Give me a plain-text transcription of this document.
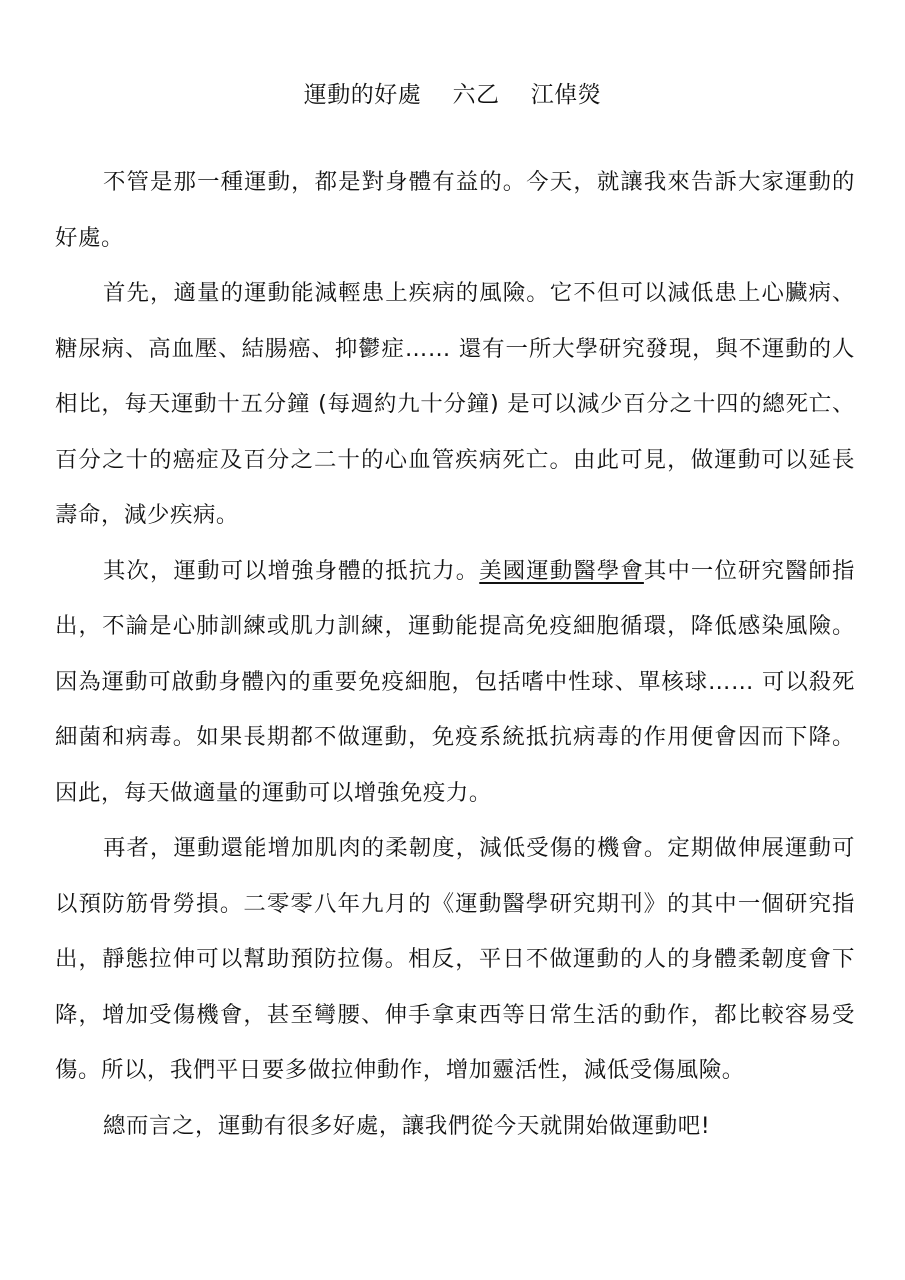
運動的好處　 六乙　 江倬熒

不管是那一種運動，都是對身體有益的。今天，就讓我來告訴大家運動的好處。

首先，適量的運動能減輕患上疾病的風險。它不但可以減低患上心臟病、糖尿病、高血壓、結腸癌、抑鬱症…… 還有一所大學研究發現，與不運動的人相比，每天運動十五分鐘 (每週約九十分鐘) 是可以減少百分之十四的總死亡、百分之十的癌症及百分之二十的心血管疾病死亡。由此可見，做運動可以延長壽命，減少疾病。

其次，運動可以增強身體的抵抗力。美國運動醫學會其中一位研究醫師指出，不論是心肺訓練或肌力訓練，運動能提高免疫細胞循環，降低感染風險。因為運動可啟動身體內的重要免疫細胞，包括嗜中性球、單核球…… 可以殺死細菌和病毒。如果長期都不做運動，免疫系統抵抗病毒的作用便會因而下降。因此，每天做適量的運動可以增強免疫力。

再者，運動還能增加肌肉的柔韌度，減低受傷的機會。定期做伸展運動可以預防筋骨勞損。二零零八年九月的《運動醫學研究期刊》的其中一個研究指出，靜態拉伸可以幫助預防拉傷。相反，平日不做運動的人的身體柔韌度會下降，增加受傷機會，甚至彎腰、伸手拿東西等日常生活的動作，都比較容易受傷。所以，我們平日要多做拉伸動作，增加靈活性，減低受傷風險。

總而言之，運動有很多好處，讓我們從今天就開始做運動吧!
